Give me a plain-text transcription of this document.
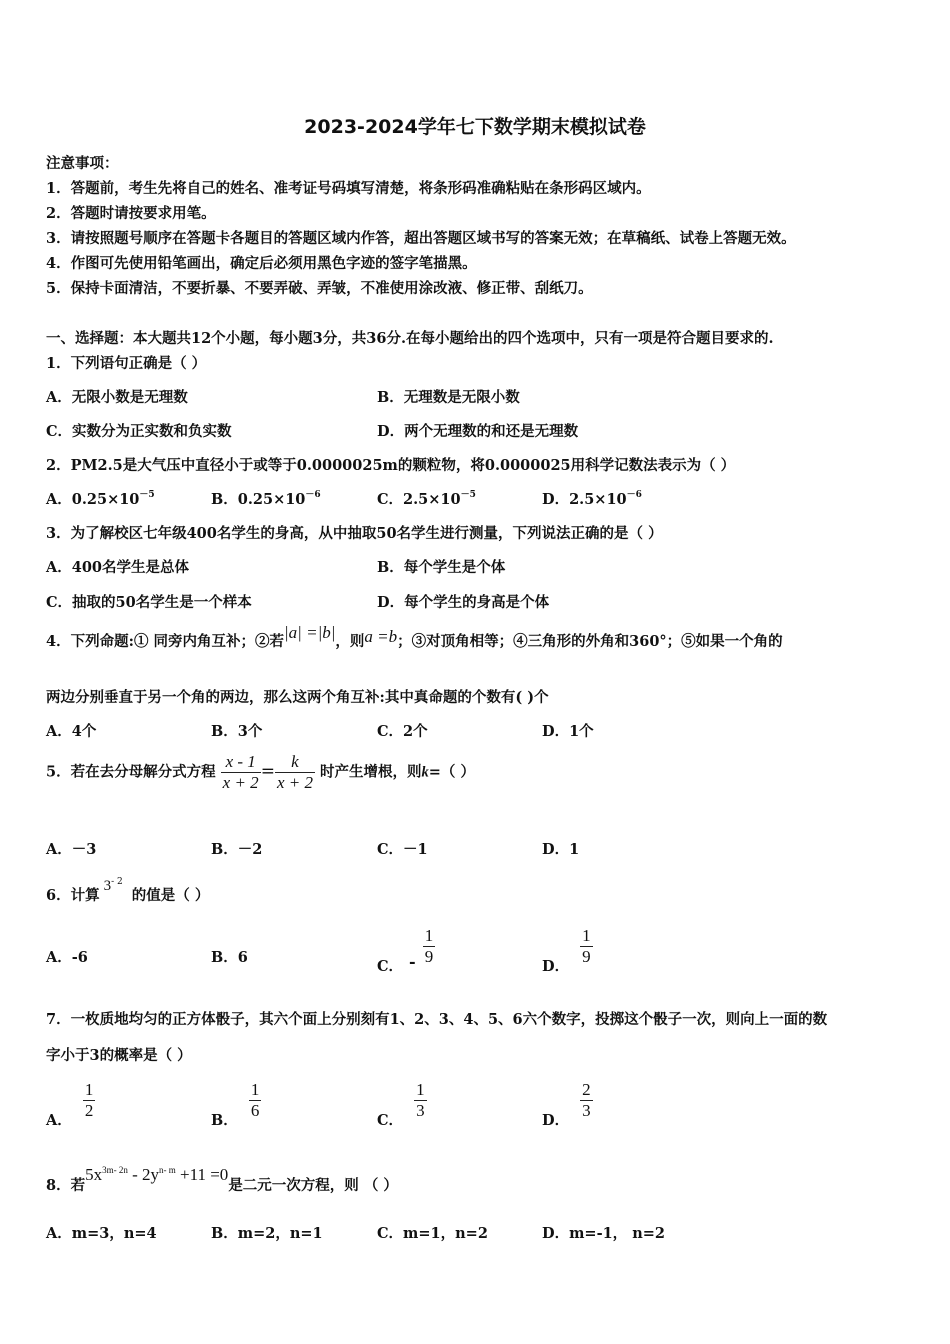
2023-2024学年七下数学期末模拟试卷
注意事项：
1．答题前，考生先将自己的姓名、准考证号码填写清楚，将条形码准确粘贴在条形码区域内。
2．答题时请按要求用笔。
3．请按照题号顺序在答题卡各题目的答题区域内作答，超出答题区域书写的答案无效；在草稿纸、试卷上答题无效。
4．作图可先使用铅笔画出，确定后必须用黑色字迹的签字笔描黑。
5．保持卡面清洁，不要折暴、不要弄破、弄皱，不准使用涂改液、修正带、刮纸刀。
一、选择题：本大题共12个小题，每小题3分，共36分.在每小题给出的四个选项中，只有一项是符合题目要求的.
1．下列语句正确是（ ）
A．无限小数是无理数	B．无理数是无限小数
C．实数分为正实数和负实数	D．两个无理数的和还是无理数
2．PM2.5是大气压中直径小于或等于0.0000025m的颗粒物，将0.0000025用科学记数法表示为（ ）
A．$0.25\times 10^{-5}$	B．$0.25\times 10^{-6}$	C．$2.5\times 10^{-5}$	D．$2.5\times 10^{-6}$
3．为了解校区七年级400名学生的身高，从中抽取50名学生进行测量，下列说法正确的是（ ）
A．400名学生是总体	B．每个学生是个体
C．抽取的50名学生是一个样本	D．每个学生的身高是个体
4．下列命题:① 同旁内角互补；②若|a| =|b|，则a =b；③对顶角相等；④三角形的外角和360°；⑤如果一个角的
两边分别垂直于另一个角的两边，那么这两个角互补:其中真命题的个数有( )个
A．4个	B．3个	C．2个	D．1个
5．若在去分母解分式方程 $\frac{x - 1}{x + 2} = \frac{k}{x + 2}$ 时产生增根，则k=（ ）
A．－3	B．－2	C．－1	D．1
6．计算$3^{- 2}$ 的值是（ ）
A．-6	B．6	C． - $\frac{1}{9}$	D． $\frac{1}{9}$
7．一枚质地均匀的正方体骰子，其六个面上分别刻有1、2、3、4、5、6六个数字，投掷这个骰子一次，则向上一面的数
字小于3的概率是（ ）
A． $\frac{1}{2}$	B． $\frac{1}{6}$	C． $\frac{1}{3}$	D． $\frac{2}{3}$
8．若$5x^{3m- 2n} - 2y^{n- m} +11 =0$是二元一次方程，则 （ ）
A．m=3，n=4	B．m=2，n=1	C．m=1，n=2	D．m=-1， n=2
